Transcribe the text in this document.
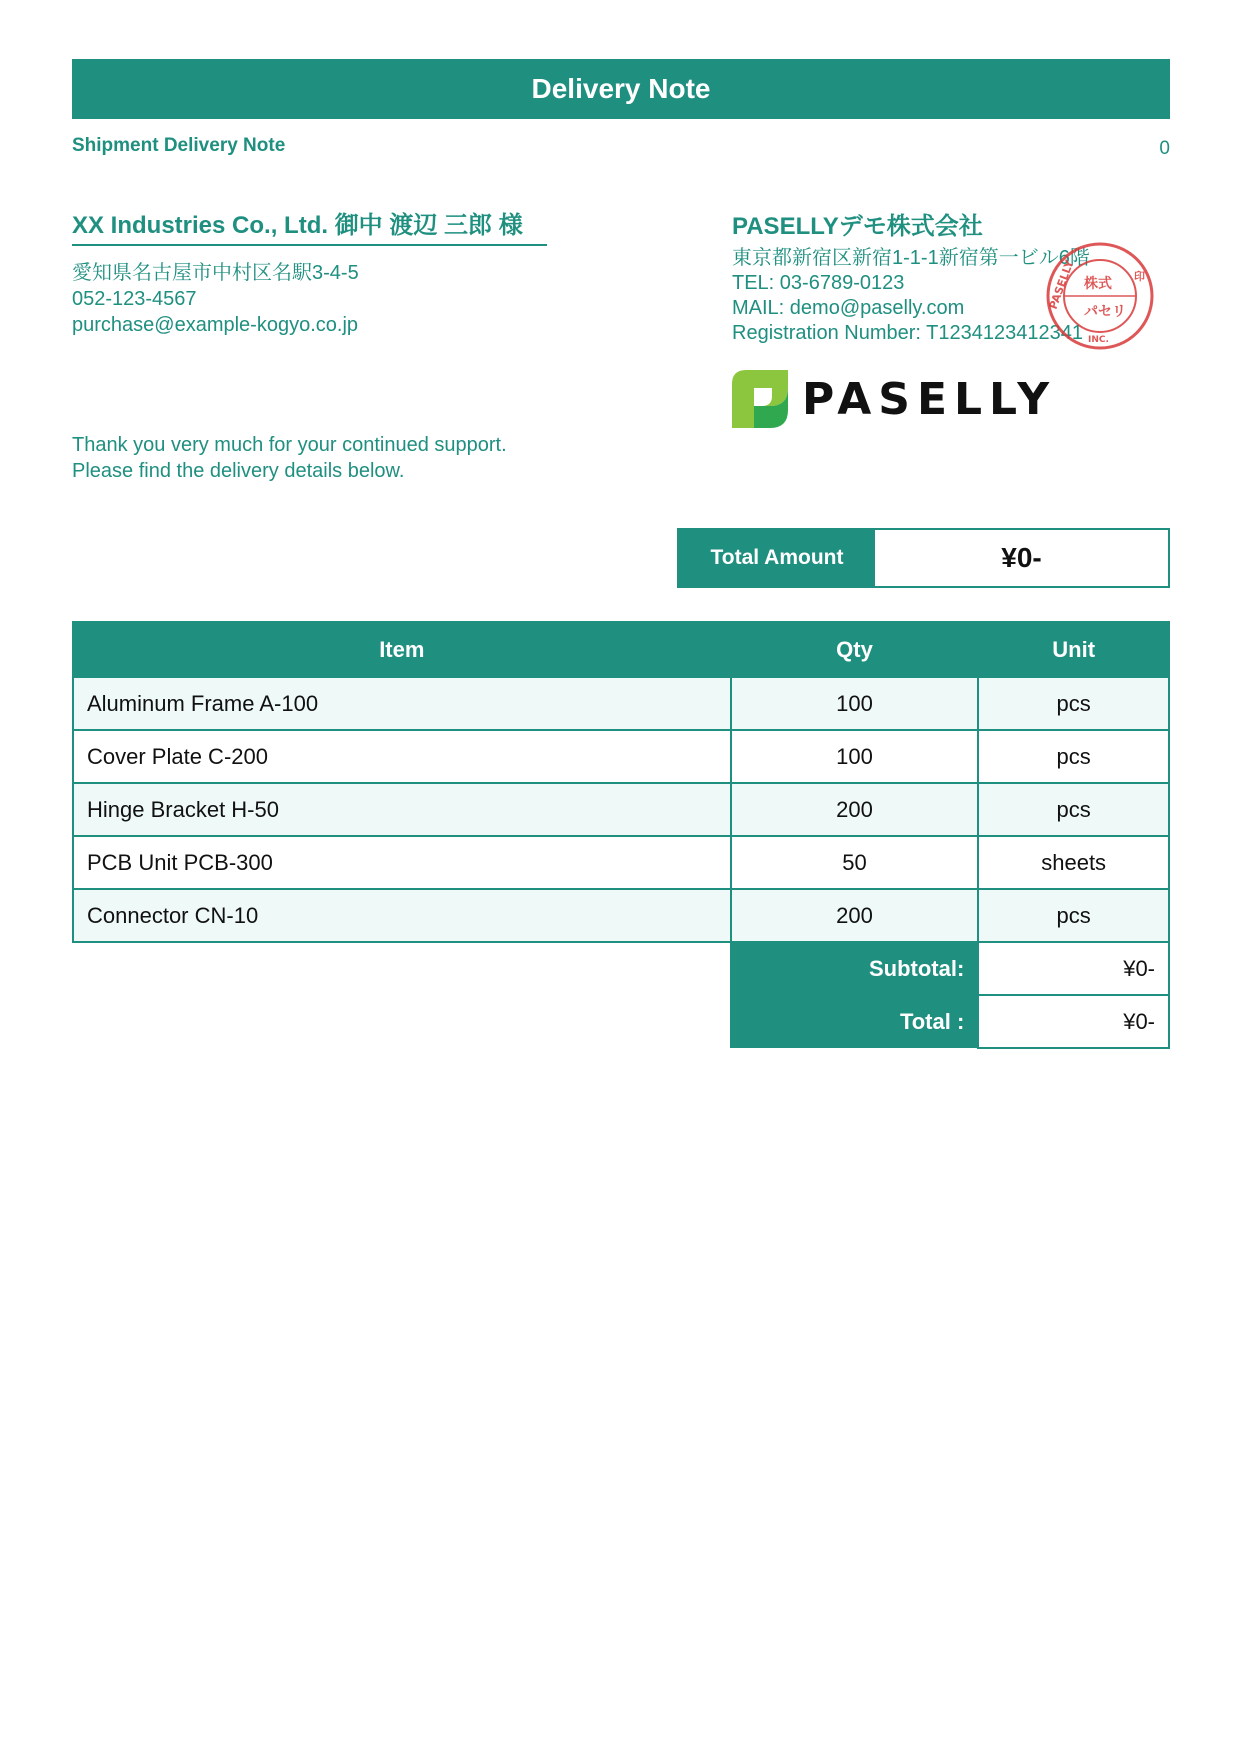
Delivery Note
Shipment Delivery Note	0
XX Industries Co., Ltd. 御中 渡辺 三郎 様
愛知県名古屋市中村区名駅3-4-5
052-123-4567
purchase@example-kogyo.co.jp
Thank you very much for your continued support.
Please find the delivery details below.
PASELLYデモ株式会社
東京都新宿区新宿1-1-1新宿第一ビル6階
TEL: 03-6789-0123
MAIL: demo@paselly.com
Registration Number: T1234123412341
PASELLY
INC.
株式
パセリ
印
PASELLY
Total Amount	¥0-
Item	Qty	Unit
Aluminum Frame A-100	100	pcs
Cover Plate C-200	100	pcs
Hinge Bracket H-50	200	pcs
PCB Unit PCB-300	50	sheets
Connector CN-10	200	pcs
	Subtotal:	¥0-
	Total :	¥0-
